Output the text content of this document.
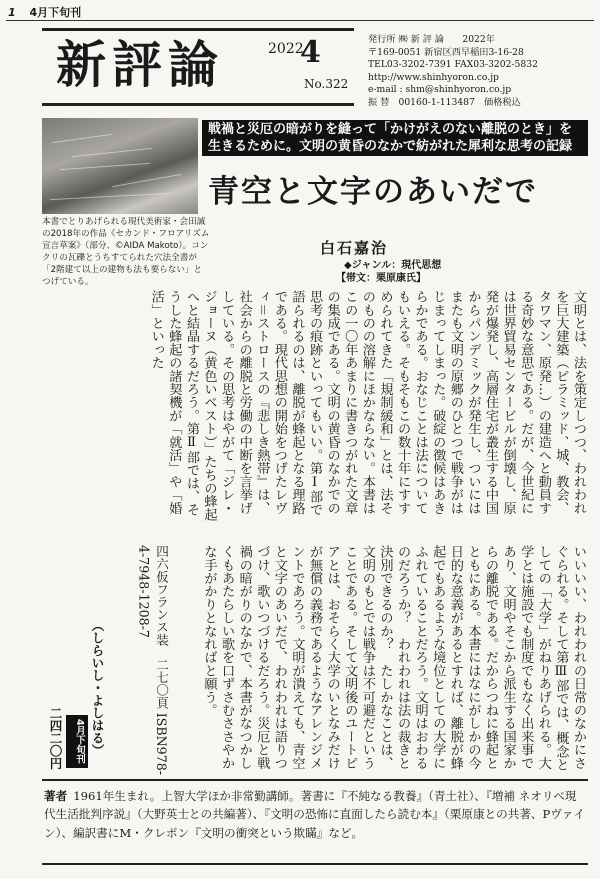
1 4月下旬刊
新評論	2022
4
No.322
発行所 ㈱ 新 評 論　　2022年
〒169-0051 新宿区西早稲田3-16-28
TEL03-3202-7391 FAX03-3202-5832
http://www.shinhyoron.co.jp
e-mail : shm@shinhyoron.co.jp
振 替　00160-1-113487　価格税込
本書でとりあげられる現代美術家・会田誠の2018年の作品《セカンド・フロアリズム宣言草案》（部分、©AIDA Makoto）。コンクリの瓦礫とうちすてられた穴法全書が「2階建て以上の建物も法も要らない」とつげている。
戦禍と災厄の暗がりを縫って「かけがえのない離脱のとき」を生きるために。文明の黄昏のなかで紡がれた犀利な思考の記録
青空と文字のあいだで
白石嘉治
◆ジャンル：現代思想
【帯文：栗原康氏】
文明とは、法を策定しつつ、われわれを巨大建築（ピラミッド、城、教会、タワマン、原発…）の建造へと動員する奇妙な意思である。だが、今世紀には世界貿易センタービルが倒壊し、原発が爆発し、高層住宅が叢生する中国からパンデミックが発生し、ついにはまたも文明の原郷のひとつで戦争がはじまってしまった。破綻の徴候はあきらかである。おなじことは法についてもいえる。そもそもこの数十年にすすめられてきた「規制緩和」とは、法そのものの溶解にほかならない。本書はこの一〇年あまりに書きつがれた文章の集成である。文明の黄昏のなかでの思考の痕跡といってもいい。第Ⅰ部で語られるのは、離脱が蜂起となる理路である。現代思想の開始をつげたレヴィ＝ストロースの『悲しき熱帯』は、社会からの離脱と労働の中断を言挙げしている。その思考はやがて「ジレ・ジョーヌ（黄色いベスト）」たちの蜂起へと結晶するだろう。第Ⅱ部では、そうした蜂起の諸契機が「就活」や「婚活」といった
いいいい、われわれの日常のなかにさぐられる。そして第Ⅲ部では、概念としての「大学」がねりあげられる。大学とは施設でも制度でもなく出来事であり、文明やそこから派生する国家からの離脱である。だからつねに蜂起とともにある。本書にはなにがしかの今日的な意義があるとすれば、離脱が蜂起でもあるような境位としての大学にふれていることだろう。文明はおわるのだろうか？　われわれは法の裁きと決別できるのか？　たしかなことは、文明のもとでは戦争は不可避だということである。そして文明後のユートピアとは、おそらく大学のいとなみだけが無償の義務であるようなアレンジメントであろう。文明が潰えても、青空と文字のあいだで、われわれは語りつづけ、歌いつづけるだろう。災厄と戦禍の暗がりのなかで、本書がなつかしくもあたらしい歌を口ずさむささやかな手がかりとなればと願う。
四六仮フランス装　二七〇頁 ISBN978-4-7948-1208-7
（しらいし・よしはる）
4月下旬刊
二四二〇円
著者 1961年生まれ。上智大学ほか非常勤講師。著書に『不純なる教養』（青土社）、『増補 ネオリベ現代生活批判序説』（大野英士との共編著）、『文明の恐怖に直面したら読む本』（栗原康との共著、Pヴァイン）、編訳書にM・クレポン『文明の衝突という欺瞞』など。
